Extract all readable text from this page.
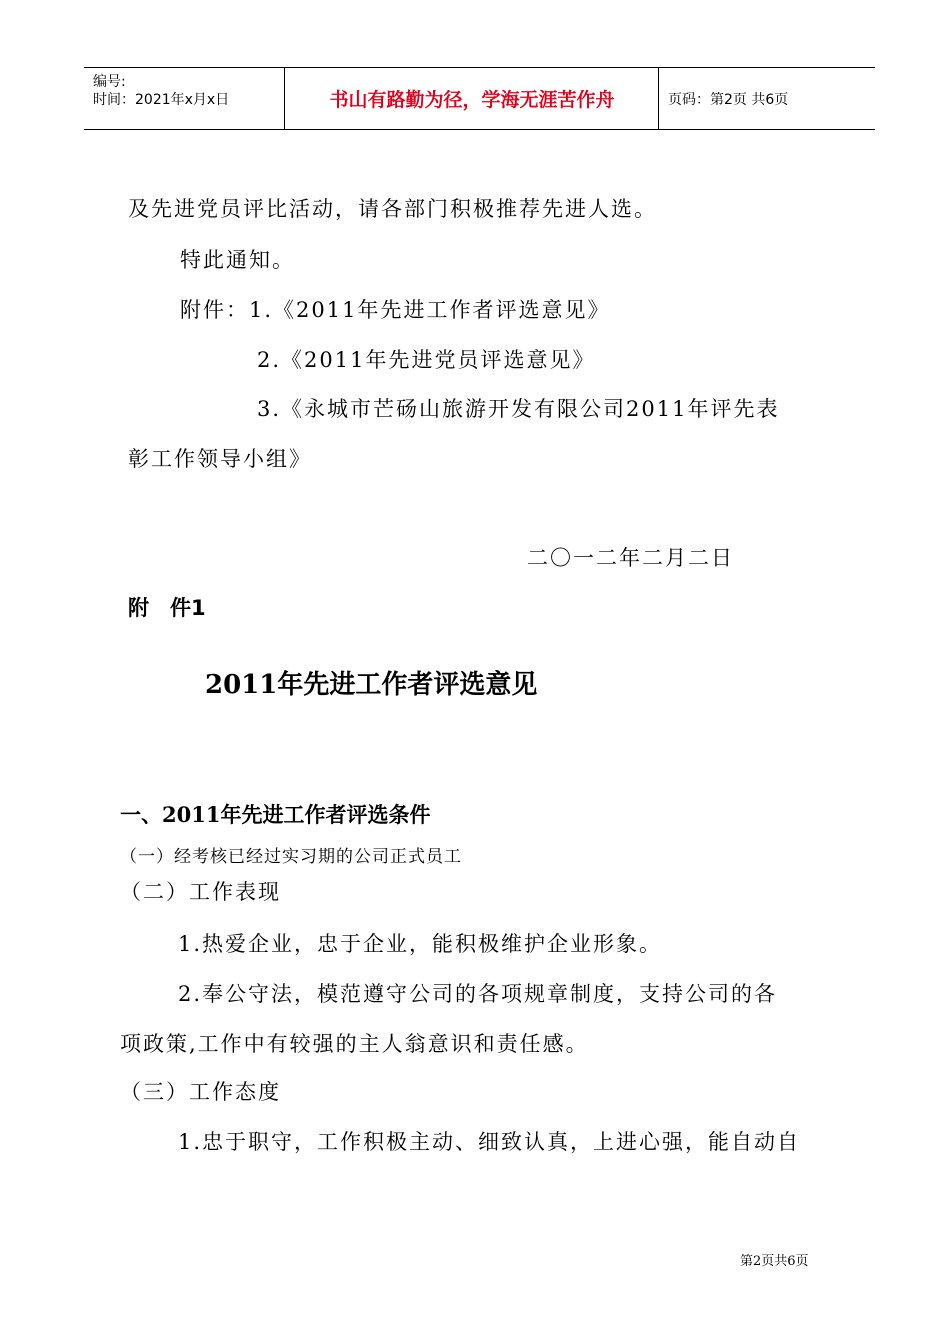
编号:
时间：2021年x月x日	书山有路勤为径，学海无涯苦作舟	页码：第2页 共6页
及先进党员评比活动，请各部门积极推荐先进人选。
特此通知。
附件：1.《2011年先进工作者评选意见》
2.《2011年先进党员评选意见》
3.《永城市芒砀山旅游开发有限公司2011年评先表
彰工作领导小组》
二〇一二年二月二日
附　件1
2011年先进工作者评选意见
一、2011年先进工作者评选条件
（一）经考核已经过实习期的公司正式员工
（二）工作表现
1.热爱企业，忠于企业，能积极维护企业形象。
2.奉公守法，模范遵守公司的各项规章制度，支持公司的各
项政策,工作中有较强的主人翁意识和责任感。
（三）工作态度
1.忠于职守，工作积极主动、细致认真，上进心强，能自动自
第2页共6页
